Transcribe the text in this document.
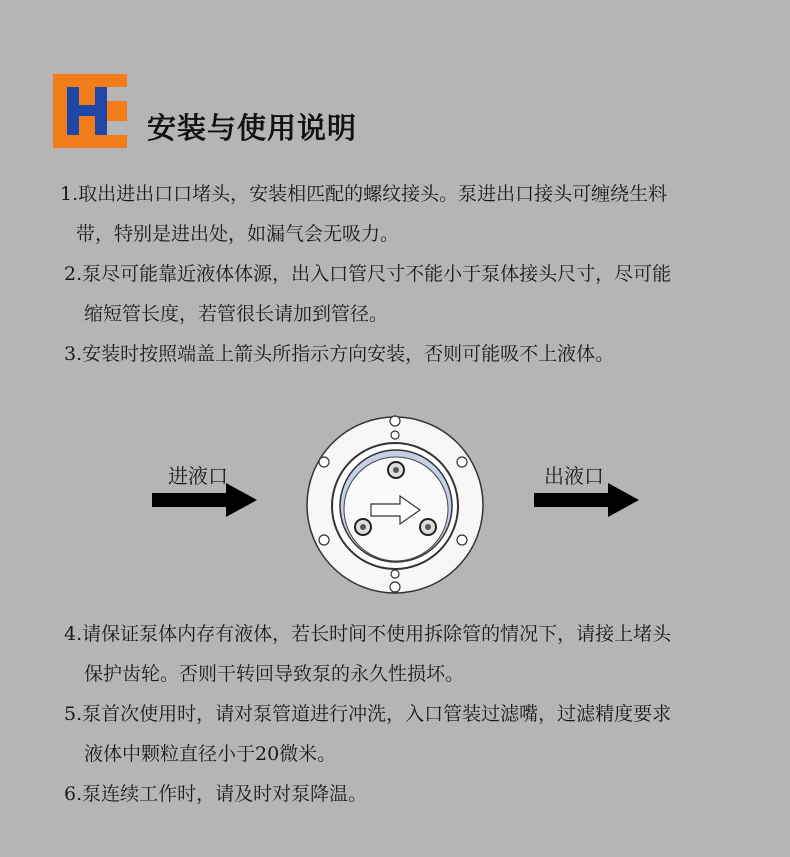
安装与使用说明
1.取出进出口口堵头，安装相匹配的螺纹接头。泵进出口接头可缠绕生料
带，特别是进出处，如漏气会无吸力。
2.泵尽可能靠近液体体源，出入口管尺寸不能小于泵体接头尺寸，尽可能
缩短管长度，若管很长请加到管径。
3.安装时按照端盖上箭头所指示方向安装，否则可能吸不上液体。
进液口	出液口
4.请保证泵体内存有液体，若长时间不使用拆除管的情况下，请接上堵头
保护齿轮。否则干转回导致泵的永久性损坏。
5.泵首次使用时，请对泵管道进行冲洗，入口管装过滤嘴，过滤精度要求
液体中颗粒直径小于20微米。
6.泵连续工作时，请及时对泵降温。
